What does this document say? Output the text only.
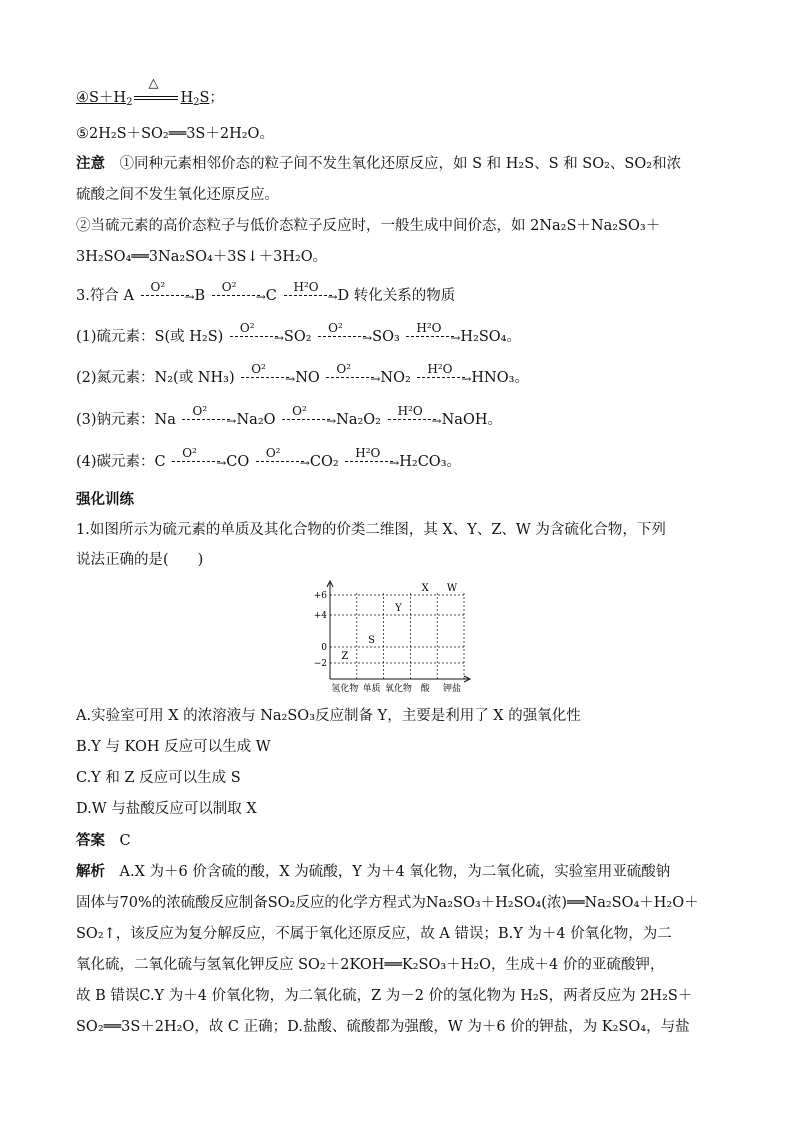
$④S+H_2$
△
$H_2S$；
⑤2H₂S＋SO₂══3S＋2H₂O。
注意　 ①同种元素相邻价态的粒子间不发生氧化还原反应，如 S 和 H₂S、S 和 SO₂、SO₂和浓
硫酸之间不发生氧化还原反应。
②当硫元素的高价态粒子与低价态粒子反应时，一般生成中间价态，如 2Na₂S＋Na₂SO₃＋
3H₂SO₄══3Na₂SO₄＋3S↓＋3H₂O。
3.符合 A
O²
→ B
O²
→ C
H²O
→ D 转化关系的物质
(1)硫元素：S(或 H₂S)
O²
→ SO₂
O²
→ SO₃
H²O
→ H₂SO₄。
(2)氮元素：N₂(或 NH₃)
O²
→ NO
O²
→ NO₂
H²O
→ HNO₃。
(3)钠元素：Na
O²
→ Na₂O
O²
→ Na₂O₂
H²O
→ NaOH。
(4)碳元素：C
O²
→ CO
O²
→ CO₂
H²O
→ H₂CO₃。
强化训练
1.如图所示为硫元素的单质及其化合物的价类二维图，其 X、Y、Z、W 为含硫化合物，下列
说法正确的是(　　)
+6
+4
0
−2
氢化物 单质 氧化物 酸 钾盐
Z
S
Y
X W
A.实验室可用 X 的浓溶液与 Na₂SO₃反应制备 Y，主要是利用了 X 的强氧化性
B.Y 与 KOH 反应可以生成 W
C.Y 和 Z 反应可以生成 S
D.W 与盐酸反应可以制取 X
答案　 C
解析　 A.X 为＋6 价含硫的酸，X 为硫酸，Y 为＋4 氧化物，为二氧化硫，实验室用亚硫酸钠
固体与70%的浓硫酸反应制备SO₂反应的化学方程式为Na₂SO₃＋H₂SO₄(浓)══Na₂SO₄＋H₂O＋
SO₂↑，该反应为复分解反应，不属于氧化还原反应，故 A 错误；B.Y 为＋4 价氧化物，为二
氧化硫，二氧化硫与氢氧化钾反应 SO₂＋2KOH══K₂SO₃＋H₂O，生成＋4 价的亚硫酸钾，
故 B 错误C.Y 为＋4 价氧化物，为二氧化硫，Z 为－2 价的氢化物为 H₂S，两者反应为 2H₂S＋
SO₂══3S＋2H₂O，故 C 正确；D.盐酸、硫酸都为强酸，W 为＋6 价的钾盐，为 K₂SO₄，与盐
